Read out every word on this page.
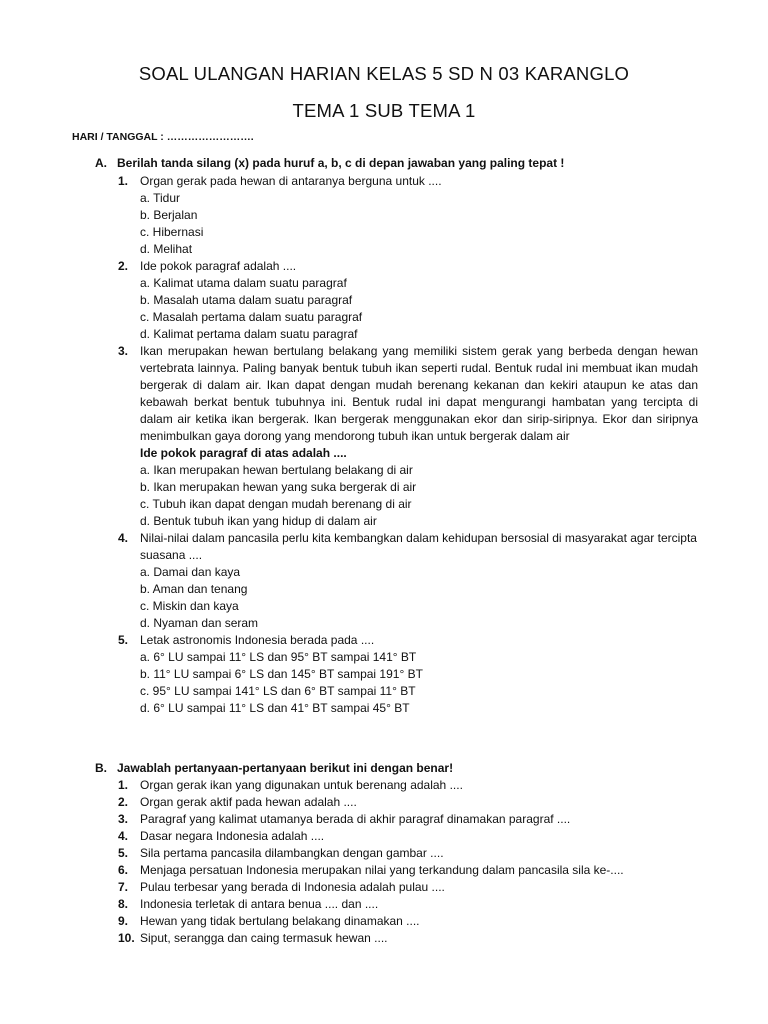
SOAL ULANGAN HARIAN KELAS 5 SD N 03 KARANGLO
TEMA 1 SUB TEMA 1
HARI / TANGGAL : …………………….
A. Berilah tanda silang (x) pada huruf a, b, c di depan jawaban yang paling tepat !
1. Organ gerak pada hewan di antaranya berguna untuk ....
a. Tidur
b. Berjalan
c. Hibernasi
d. Melihat
2. Ide pokok paragraf adalah ....
a. Kalimat utama dalam suatu paragraf
b. Masalah utama dalam suatu paragraf
c. Masalah pertama dalam suatu paragraf
d. Kalimat pertama dalam suatu paragraf
3. Ikan merupakan hewan bertulang belakang yang memiliki sistem gerak yang berbeda dengan hewan vertebrata lainnya. Paling banyak bentuk tubuh ikan seperti rudal. Bentuk rudal ini membuat ikan mudah bergerak di dalam air. Ikan dapat dengan mudah berenang kekanan dan kekiri ataupun ke atas dan kebawah berkat bentuk tubuhnya ini. Bentuk rudal ini dapat mengurangi hambatan yang tercipta di dalam air ketika ikan bergerak. Ikan bergerak menggunakan ekor dan sirip-siripnya. Ekor dan siripnya menimbulkan gaya dorong yang mendorong tubuh ikan untuk bergerak dalam air
Ide pokok paragraf di atas adalah ....
a. Ikan merupakan hewan bertulang belakang di air
b. Ikan merupakan hewan yang suka bergerak di air
c. Tubuh ikan dapat dengan mudah berenang di air
d. Bentuk tubuh ikan yang hidup di dalam air
4. Nilai-nilai dalam pancasila perlu kita kembangkan dalam kehidupan bersosial di masyarakat agar tercipta suasana ....
a. Damai dan kaya
b. Aman dan tenang
c. Miskin dan kaya
d. Nyaman dan seram
5. Letak astronomis Indonesia berada pada ....
a. 6° LU sampai 11° LS dan 95° BT sampai 141° BT
b. 11° LU sampai 6° LS dan 145° BT sampai 191° BT
c. 95° LU sampai 141° LS dan 6° BT sampai 11° BT
d. 6° LU sampai 11° LS dan 41° BT sampai 45° BT
B. Jawablah pertanyaan-pertanyaan berikut ini dengan benar!
1. Organ gerak ikan yang digunakan untuk berenang adalah ....
2. Organ gerak aktif pada hewan adalah ....
3. Paragraf yang kalimat utamanya berada di akhir paragraf dinamakan paragraf ....
4. Dasar negara Indonesia adalah ....
5. Sila pertama pancasila dilambangkan dengan gambar ....
6. Menjaga persatuan Indonesia merupakan nilai yang terkandung dalam pancasila sila ke-....
7. Pulau terbesar yang berada di Indonesia adalah pulau ....
8. Indonesia terletak di antara benua .... dan ....
9. Hewan yang tidak bertulang belakang dinamakan ....
10. Siput, serangga dan caing termasuk hewan ....
